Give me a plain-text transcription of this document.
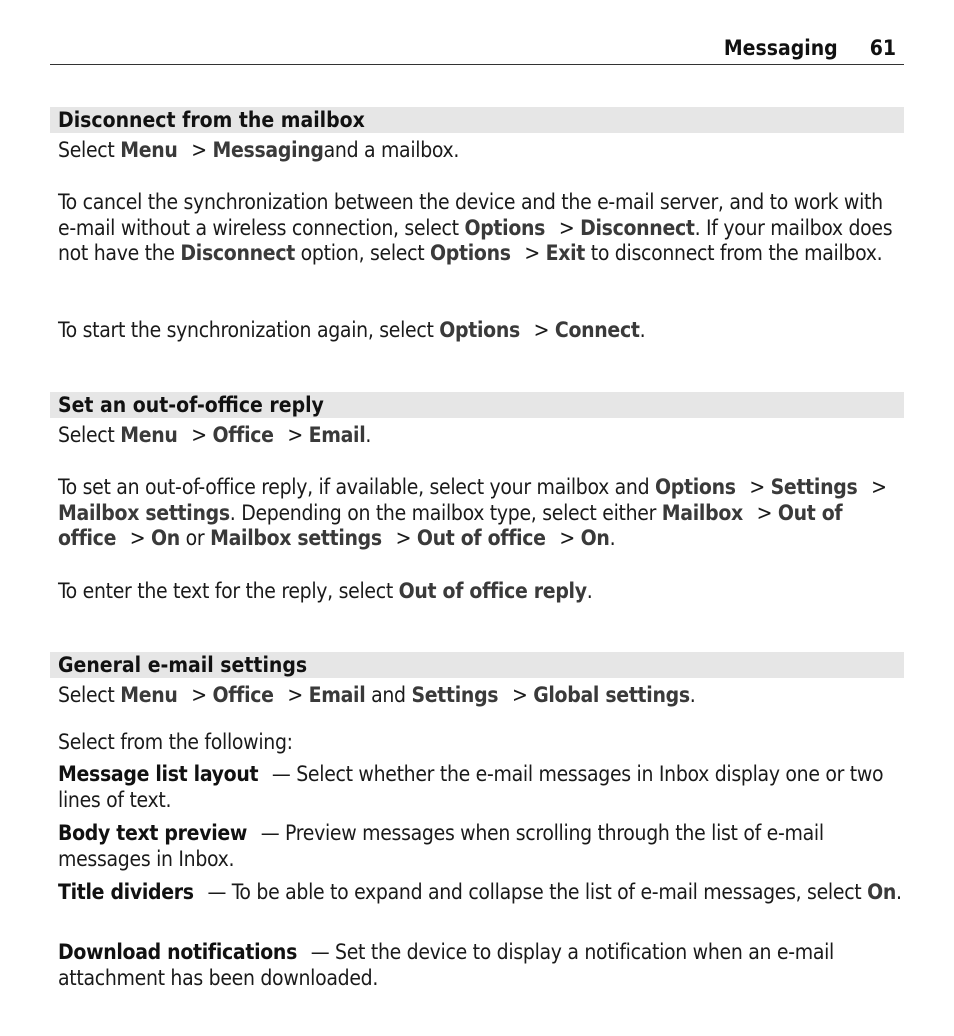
Messaging 61
Disconnect from the mailbox

Select Menu > Messagingand a mailbox.

To cancel the synchronization between the device and the e-mail server, and to work with e-mail without a wireless connection, select Options > Disconnect. If your mailbox does not have the Disconnect option, select Options > Exit to disconnect from the mailbox.

To start the synchronization again, select Options > Connect.

Set an out-of-office reply

Select Menu > Office > Email.

To set an out-of-office reply, if available, select your mailbox and Options > Settings > Mailbox settings. Depending on the mailbox type, select either Mailbox > Out of office > On or Mailbox settings > Out of office > On.

To enter the text for the reply, select Out of office reply.

General e-mail settings

Select Menu > Office > Email and Settings > Global settings.

Select from the following:

Message list layout — Select whether the e-mail messages in Inbox display one or two lines of text.

Body text preview — Preview messages when scrolling through the list of e-mail messages in Inbox.

Title dividers — To be able to expand and collapse the list of e-mail messages, select On.

Download notifications — Set the device to display a notification when an e-mail attachment has been downloaded.
